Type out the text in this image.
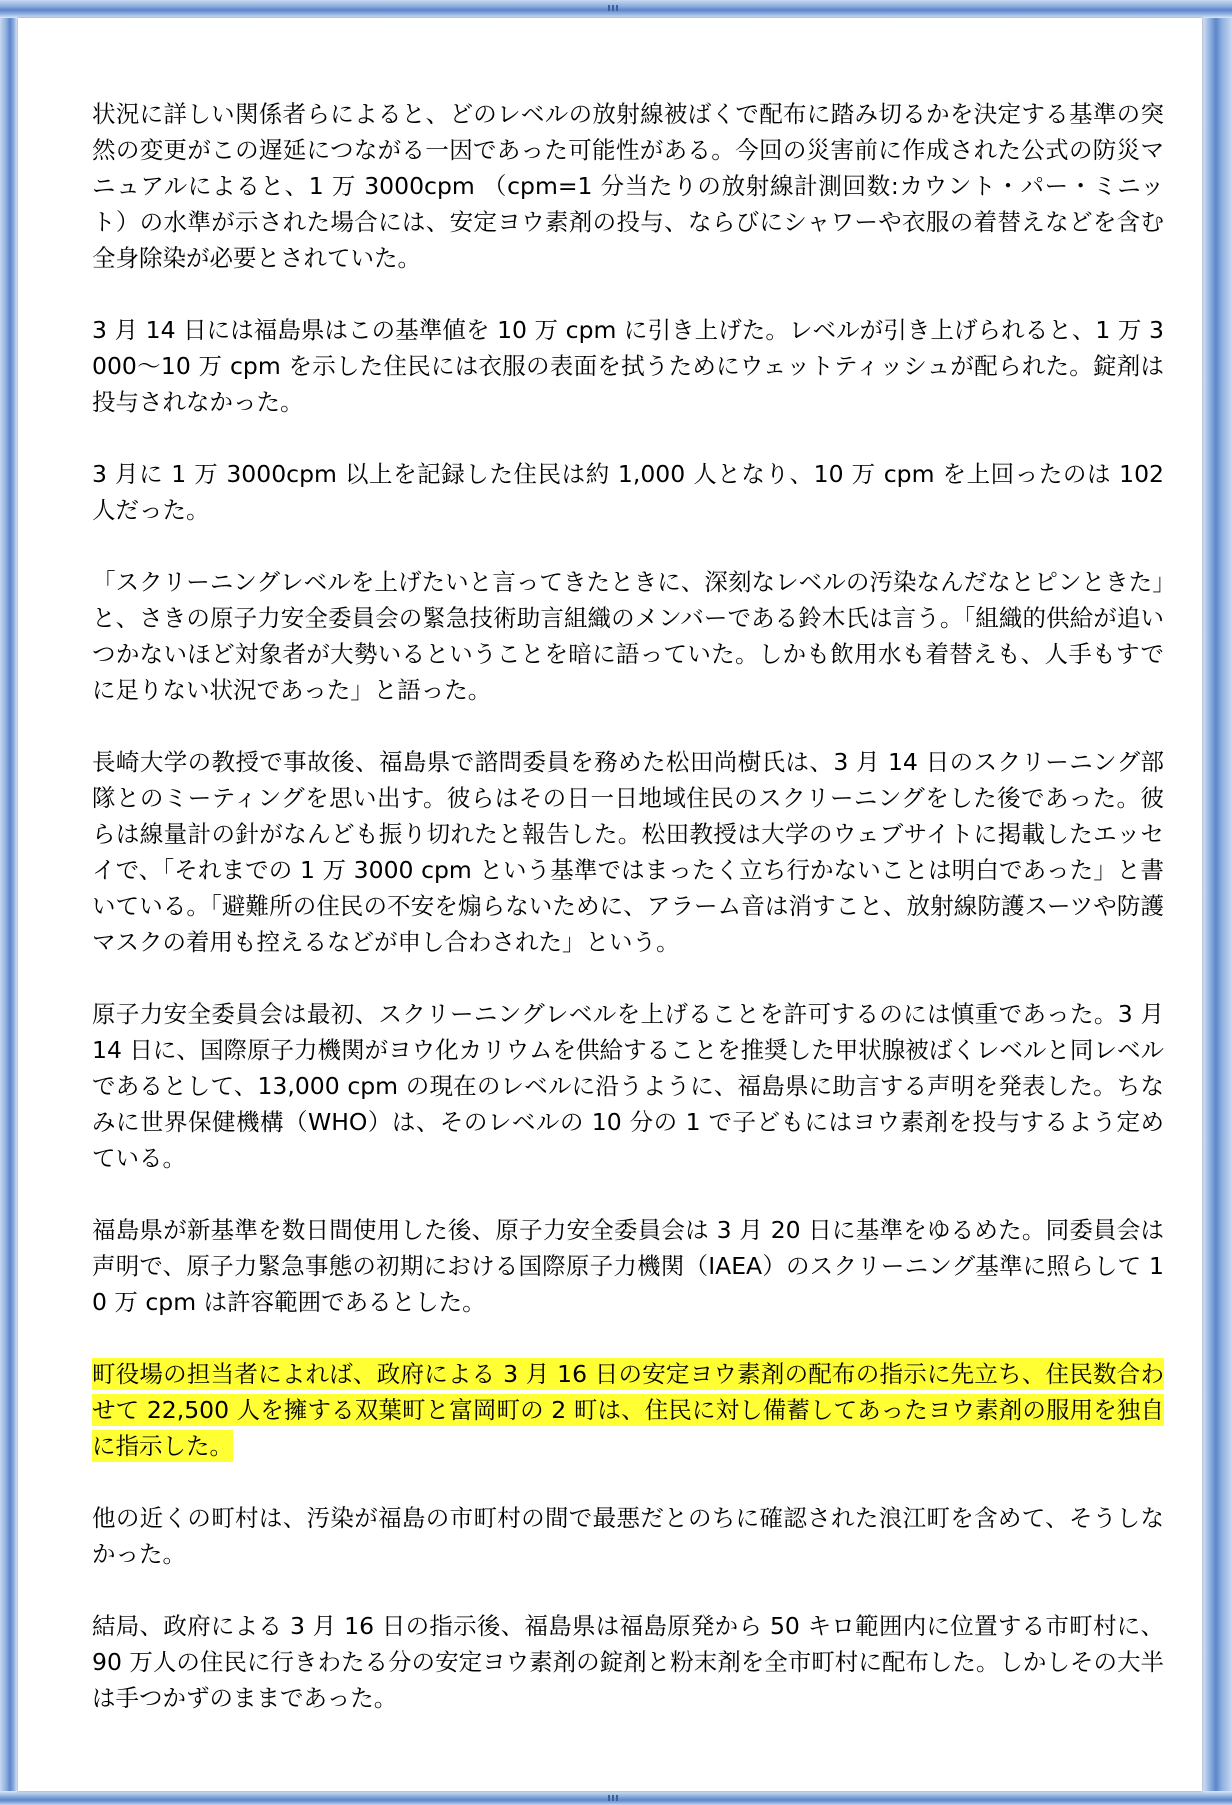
状況に詳しい関係者らによると、どのレベルの放射線被ばくで配布に踏み切るかを決定する基準の突然の変更がこの遅延につながる一因であった可能性がある。今回の災害前に作成された公式の防災マニュアルによると、1 万 3000cpm （cpm=1 分当たりの放射線計測回数:カウント・パー・ミニット）の水準が示された場合には、安定ヨウ素剤の投与、ならびにシャワーや衣服の着替えなどを含む全身除染が必要とされていた。

3 月 14 日には福島県はこの基準値を 10 万 cpm に引き上げた。レベルが引き上げられると、1 万 3000～10 万 cpm を示した住民には衣服の表面を拭うためにウェットティッシュが配られた。錠剤は投与されなかった。

3 月に 1 万 3000cpm 以上を記録した住民は約 1,000 人となり、10 万 cpm を上回ったのは 102 人だった。

「スクリーニングレベルを上げたいと言ってきたときに、深刻なレベルの汚染なんだなとピンときた」と、さきの原子力安全委員会の緊急技術助言組織のメンバーである鈴木氏は言う。「組織的供給が追いつかないほど対象者が大勢いるということを暗に語っていた。しかも飲用水も着替えも、人手もすでに足りない状況であった」と語った。

長崎大学の教授で事故後、福島県で諮問委員を務めた松田尚樹氏は、3 月 14 日のスクリーニング部隊とのミーティングを思い出す。彼らはその日一日地域住民のスクリーニングをした後であった。彼らは線量計の針がなんども振り切れたと報告した。松田教授は大学のウェブサイトに掲載したエッセイで、「それまでの 1 万 3000 cpm という基準ではまったく立ち行かないことは明白であった」と書いている。「避難所の住民の不安を煽らないために、アラーム音は消すこと、放射線防護スーツや防護マスクの着用も控えるなどが申し合わされた」という。

原子力安全委員会は最初、スクリーニングレベルを上げることを許可するのには慎重であった。3 月 14 日に、国際原子力機関がヨウ化カリウムを供給することを推奨した甲状腺被ばくレベルと同レベルであるとして、13,000 cpm の現在のレベルに沿うように、福島県に助言する声明を発表した。ちなみに世界保健機構（WHO）は、そのレベルの 10 分の 1 で子どもにはヨウ素剤を投与するよう定めている。

福島県が新基準を数日間使用した後、原子力安全委員会は 3 月 20 日に基準をゆるめた。同委員会は声明で、原子力緊急事態の初期における国際原子力機関（IAEA）のスクリーニング基準に照らして 10 万 cpm は許容範囲であるとした。

町役場の担当者によれば、政府による 3 月 16 日の安定ヨウ素剤の配布の指示に先立ち、住民数合わせて 22,500 人を擁する双葉町と富岡町の 2 町は、住民に対し備蓄してあったヨウ素剤の服用を独自に指示した。

他の近くの町村は、汚染が福島の市町村の間で最悪だとのちに確認された浪江町を含めて、そうしなかった。

結局、政府による 3 月 16 日の指示後、福島県は福島原発から 50 キロ範囲内に位置する市町村に、90 万人の住民に行きわたる分の安定ヨウ素剤の錠剤と粉末剤を全市町村に配布した。しかしその大半は手つかずのままであった。
